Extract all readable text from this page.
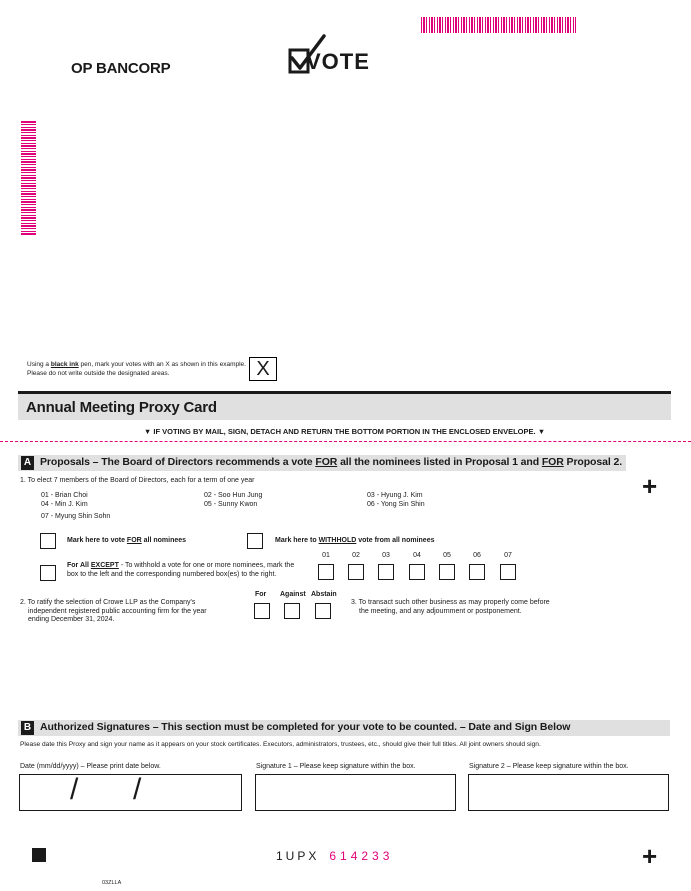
OP BANCORP	VOTE
Using a black ink pen, mark your votes with an X as shown in this example.
Please do not write outside the designated areas.	X
Annual Meeting Proxy Card
▼ IF VOTING BY MAIL, SIGN, DETACH AND RETURN THE BOTTOM PORTION IN THE ENCLOSED ENVELOPE. ▼
A Proposals – The Board of Directors recommends a vote FOR all the nominees listed in Proposal 1 and FOR Proposal 2.
+
1. To elect 7 members of the Board of Directors, each for a term of one year
01 - Brian Choi	02 - Soo Hun Jung	03 - Hyung J. Kim
04 - Min J. Kim	05 - Sunny Kwon	06 - Yong Sin Shin
07 - Myung Shin Sohn
Mark here to vote FOR all nominees	Mark here to WITHHOLD vote from all nominees
For All EXCEPT - To withhold a vote for one or more nominees, mark the
box to the left and the corresponding numbered box(es) to the right.
01	02	03	04	05	06	07
2. To ratify the selection of Crowe LLP as the Company's
independent registered public accounting firm for the year
ending December 31, 2024.
For Against Abstain
3. To transact such other business as may properly come before
the meeting, and any adjournment or postponement.
B Authorized Signatures – This section must be completed for your vote to be counted. – Date and Sign Below
Please date this Proxy and sign your name as it appears on your stock certificates. Executors, administrators, trustees, etc., should give their full titles. All joint owners should sign.
Date (mm/dd/yyyy) – Please print date below.	Signature 1 – Please keep signature within the box.	Signature 2 – Please keep signature within the box.
/ /
1UPX 614233	+
03ZLLA
